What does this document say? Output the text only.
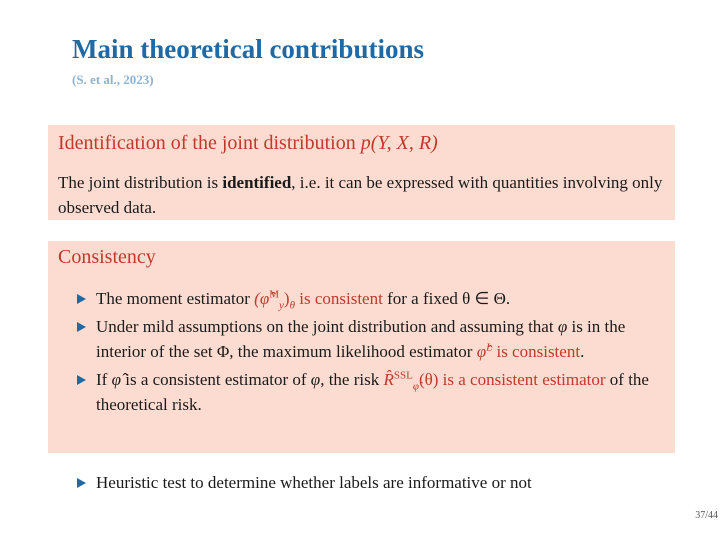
Main theoretical contributions
(S. et al., 2023)
Identification of the joint distribution p(Y, X, R)
The joint distribution is identified, i.e. it can be expressed with quantities involving only observed data.
Consistency
The moment estimator $(\varphî^M_y)_\theta$ is consistent for a fixed θ ∈ Θ.
Under mild assumptions on the joint distribution and assuming that φ is in the interior of the set Φ, the maximum likelihood estimator φ̂$^L$ is consistent.
If φ̂ is a consistent estimator of φ, the risk R̂$^{SSL}_{\varphî}$(θ) is a consistent estimator of the theoretical risk.
Heuristic test to determine whether labels are informative or not
37/44
